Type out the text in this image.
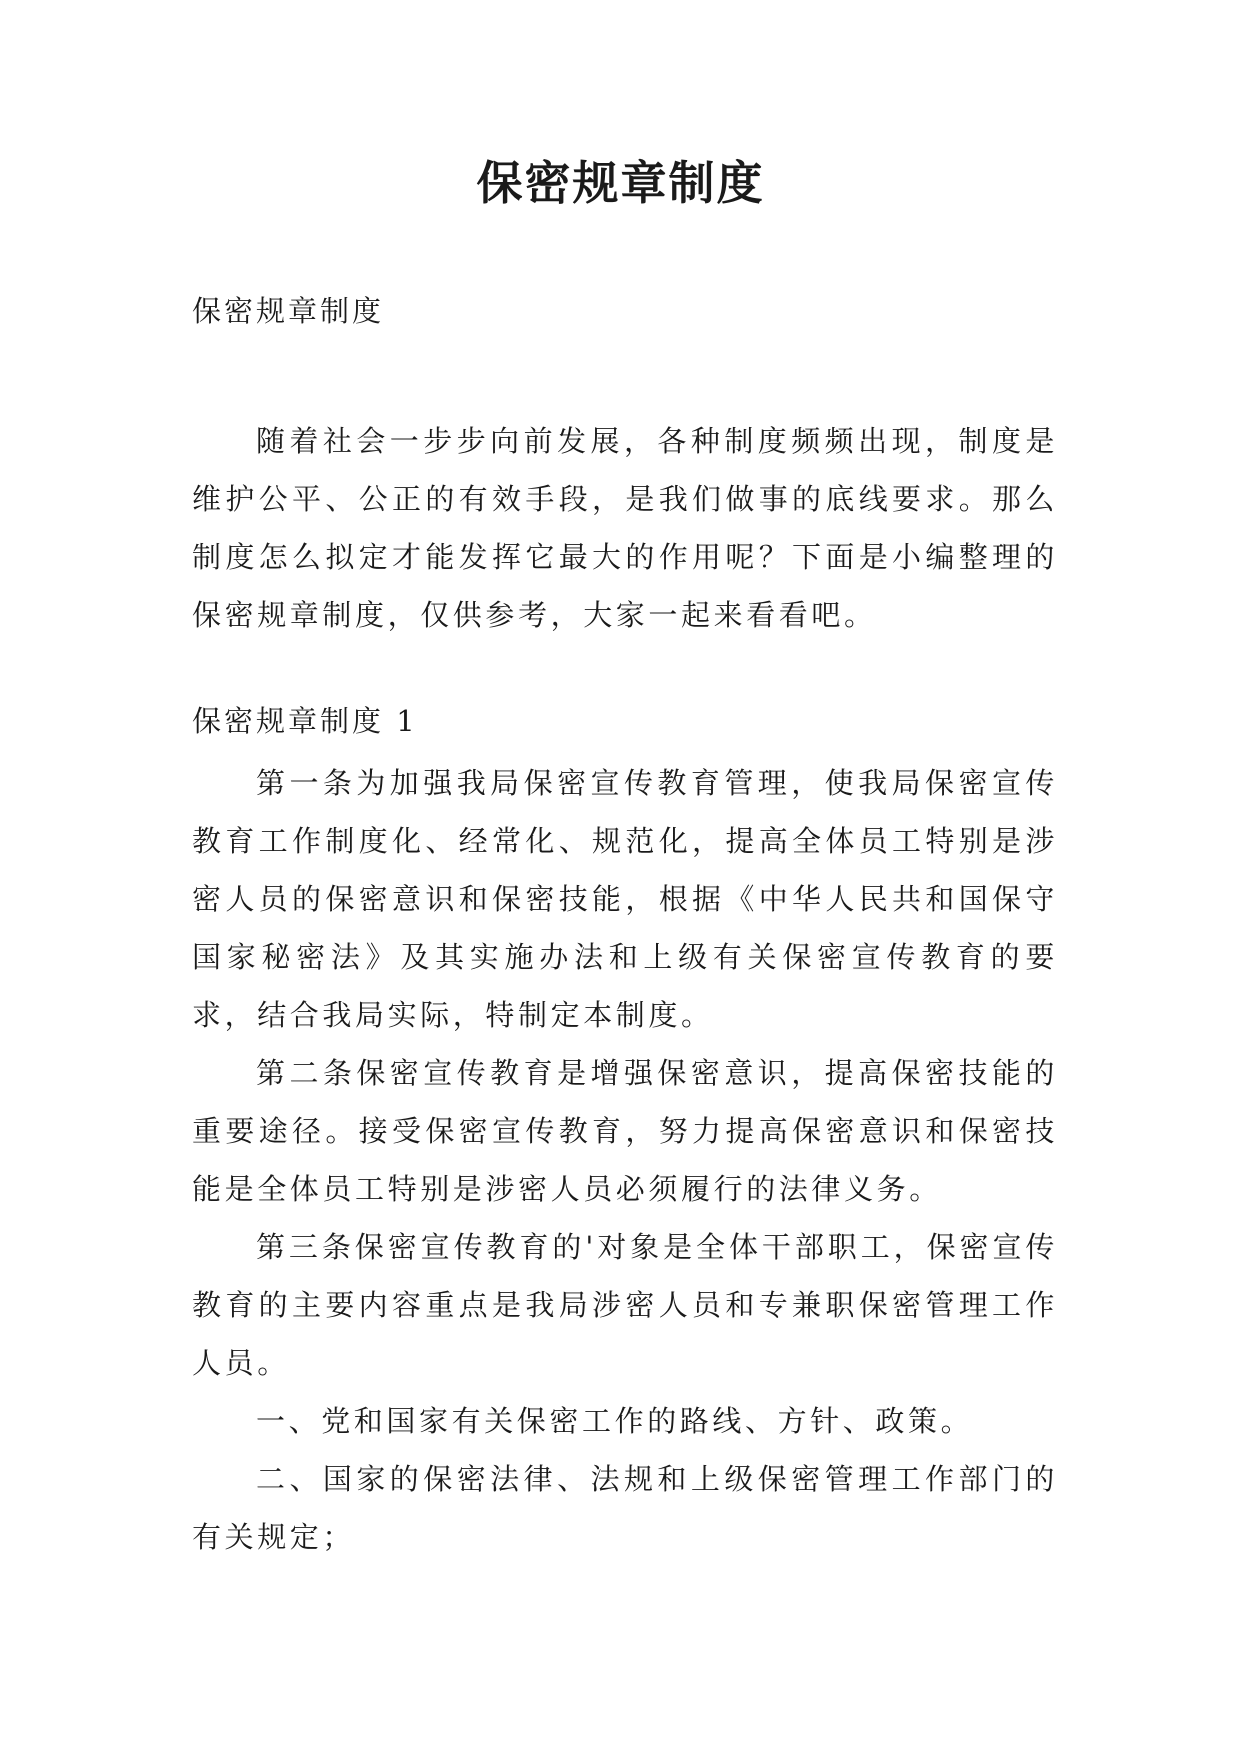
保密规章制度

保密规章制度

随着社会一步步向前发展，各种制度频频出现，制度是维护公平、公正的有效手段，是我们做事的底线要求。那么制度怎么拟定才能发挥它最大的作用呢？下面是小编整理的保密规章制度，仅供参考，大家一起来看看吧。

保密规章制度 1

第一条为加强我局保密宣传教育管理，使我局保密宣传教育工作制度化、经常化、规范化，提高全体员工特别是涉密人员的保密意识和保密技能，根据《中华人民共和国保守国家秘密法》及其实施办法和上级有关保密宣传教育的要求，结合我局实际，特制定本制度。

第二条保密宣传教育是增强保密意识，提高保密技能的重要途径。接受保密宣传教育，努力提高保密意识和保密技能是全体员工特别是涉密人员必须履行的法律义务。

第三条保密宣传教育的'对象是全体干部职工，保密宣传教育的主要内容重点是我局涉密人员和专兼职保密管理工作人员。

一、党和国家有关保密工作的路线、方针、政策。

二、国家的保密法律、法规和上级保密管理工作部门的有关规定；
